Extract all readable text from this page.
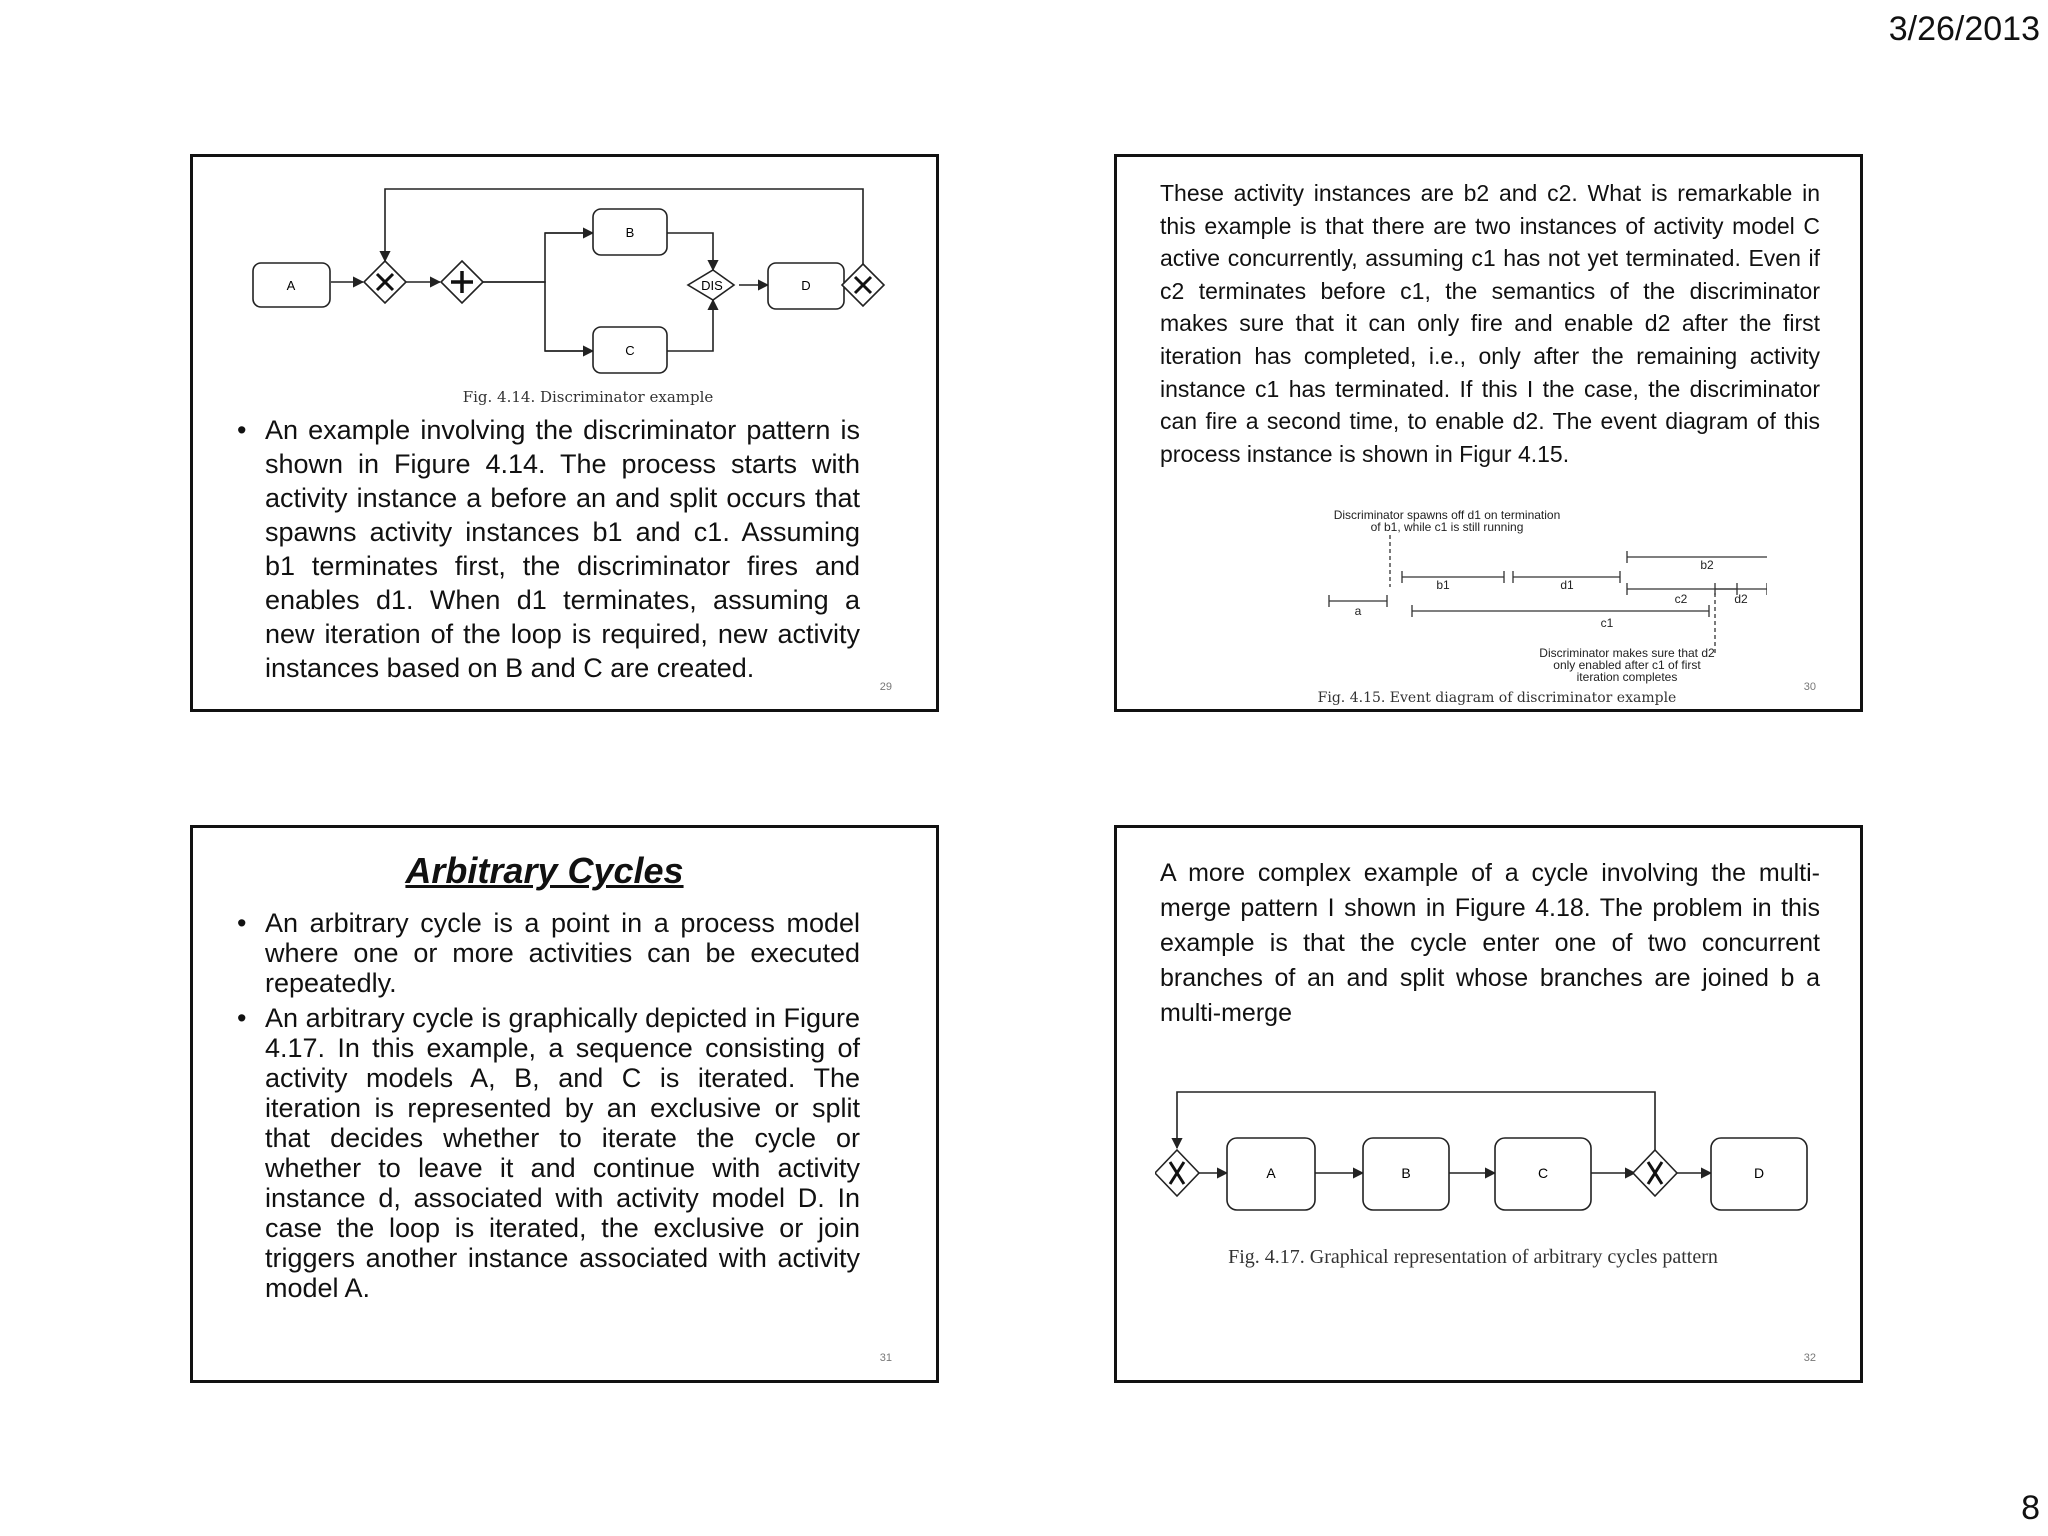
3/26/2013
A
B
C
DIS	D
Fig. 4.14. Discriminator example
• An example involving the discriminator pattern is shown in Figure 4.14. The process starts with activity instance a before an and split occurs that spawns activity instances b1 and c1. Assuming b1 terminates first, the discriminator fires and enables d1. When d1 terminates, assuming a new iteration of the loop is required, new activity instances based on B and C are created.
29
These activity instances are b2 and c2. What is remarkable in this example is that there are two instances of activity model C active concurrently, assuming c1 has not yet terminated. Even if c2 terminates before c1, the semantics of the discriminator makes sure that it can only fire and enable d2 after the first iteration has completed, i.e., only after the remaining activity instance c1 has terminated. If this I the case, the discriminator can fire a second time, to enable d2. The event diagram of this process instance is shown in Figur 4.15.
Discriminator spawns off d1 on termination
of b1, while c1 is still running
a
b1	d1
b2
c2	d2
c1
Discriminator makes sure that d2
only enabled after c1 of first
iteration completes
Fig. 4.15. Event diagram of discriminator example
30
Arbitrary Cycles
• An arbitrary cycle is a point in a process model where one or more activities can be executed repeatedly.
• An arbitrary cycle is graphically depicted in Figure 4.17. In this example, a sequence consisting of activity models A, B, and C is iterated. The iteration is represented by an exclusive or split that decides whether to iterate the cycle or whether to leave it and continue with activity instance d, associated with activity model D. In case the loop is iterated, the exclusive or join triggers another instance associated with activity model A.
31
A more complex example of a cycle involving the multi-merge pattern I shown in Figure 4.18. The problem in this example is that the cycle enter one of two concurrent branches of an and split whose branches are joined b a multi-merge
A	B	C	D
Fig. 4.17. Graphical representation of arbitrary cycles pattern
32
8
